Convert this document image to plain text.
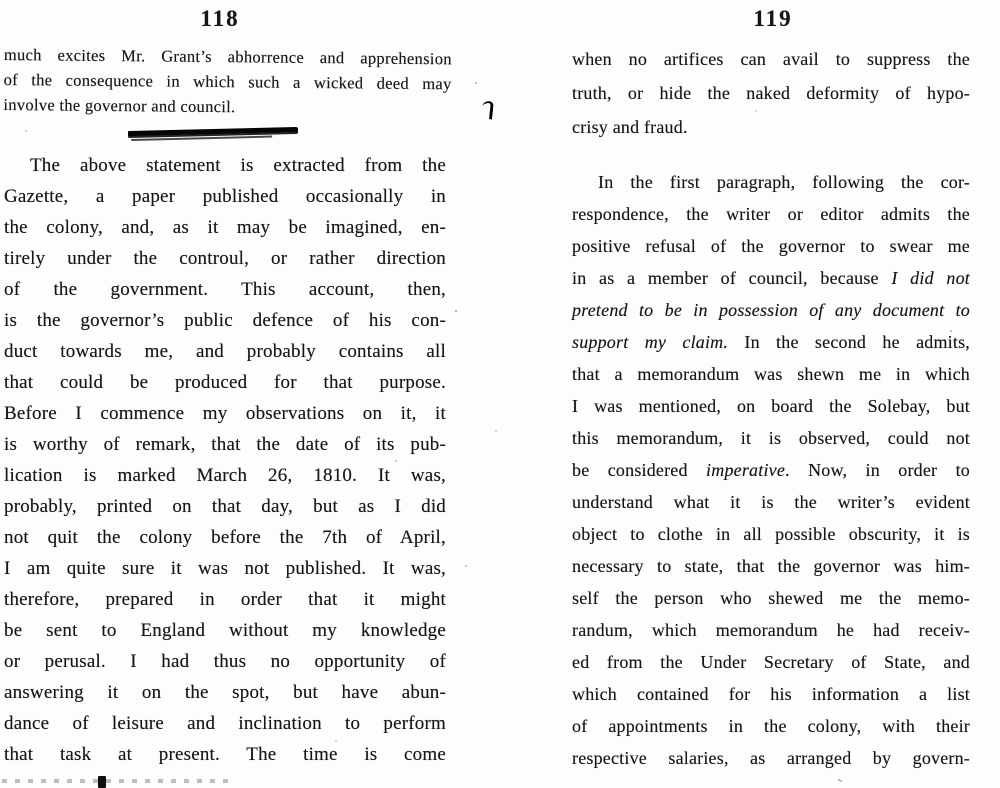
118	119
much excites Mr. Grant’s abhorrence and apprehension
of the consequence in which such a wicked deed may
involve the governor and council.
The above statement is extracted from the
Gazette, a paper published occasionally in
the colony, and, as it may be imagined, en-
tirely under the controul, or rather direction
of the government. This account, then,
is the governor’s public defence of his con-
duct towards me, and probably contains all
that could be produced for that purpose.
Before I commence my observations on it, it
is worthy of remark, that the date of its pub-
lication is marked March 26, 1810. It was,
probably, printed on that day, but as I did
not quit the colony before the 7th of April,
I am quite sure it was not published. It was,
therefore, prepared in order that it might
be sent to England without my knowledge
or perusal. I had thus no opportunity of
answering it on the spot, but have abun-
dance of leisure and inclination to perform
that task at present. The time is come
when no artifices can avail to suppress the
truth, or hide the naked deformity of hypo-
crisy and fraud.
In the first paragraph, following the cor-
respondence, the writer or editor admits the
positive refusal of the governor to swear me
in as a member of council, because I did not
pretend to be in possession of any document to
support my claim. In the second he admits,
that a memorandum was shewn me in which
I was mentioned, on board the Solebay, but
this memorandum, it is observed, could not
be considered imperative. Now, in order to
understand what it is the writer’s evident
object to clothe in all possible obscurity, it is
necessary to state, that the governor was him-
self the person who shewed me the memo-
randum, which memorandum he had receiv-
ed from the Under Secretary of State, and
which contained for his information a list
of appointments in the colony, with their
respective salaries, as arranged by govern-
